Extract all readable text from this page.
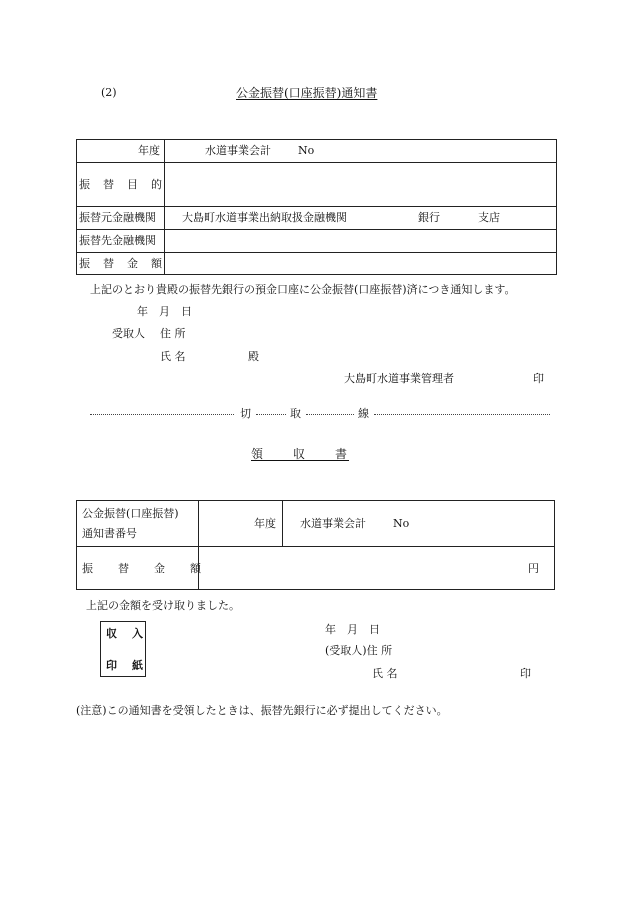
(2)	公金振替(口座振替)通知書
年度	水道事業会計 No
振　替　目　的
振替元金融機関 大島町水道事業出納取扱金融機関	銀行	支店
振替先金融機関
振　替　金　額
上記のとおり貴殿の振替先銀行の預金口座に公金振替(口座振替)済につき通知します。
年　月　日
受取人 住 所
氏 名	殿
大島町水道事業管理者	印
切	取	線
領　　収　　書
公金振替(口座振替)
通知書番号
年度 水道事業会計 No
振　　替　　金　　額	円
上記の金額を受け取りました。
収　入
印　紙
年　月　日
(受取人)住 所
氏 名	印
(注意)この通知書を受領したときは、振替先銀行に必ず提出してください。
